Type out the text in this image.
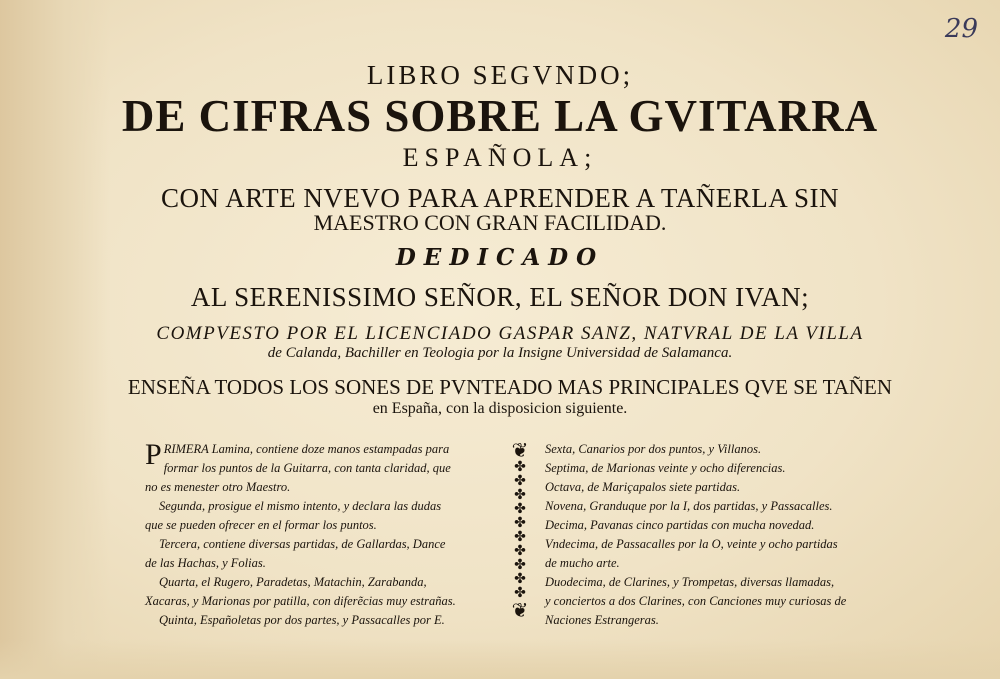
29
LIBRO SEGVNDO;
DE CIFRAS SOBRE LA GVITARRA
ESPAÑOLA;
CON ARTE NVEVO PARA APRENDER A TAÑERLA SIN
MAESTRO CON GRAN FACILIDAD.
DEDICADO
AL SERENISSIMO SEÑOR, EL SEÑOR DON IVAN;
COMPVESTO POR EL LICENCIADO GASPAR SANZ, NATVRAL DE LA VILLA
de Calanda, Bachiller en Teologia por la Insigne Universidad de Salamanca.
ENSEÑA TODOS LOS SONES DE PVNTEADO MAS PRINCIPALES QVE SE TAÑEN
en España, con la disposicion siguiente.
P RIMERA Lamina, contiene doze manos estampadas para

formar los puntos de la Guitarra, con tanta claridad, que

no es menester otro Maestro.

Segunda, prosigue el mismo intento, y declara las dudas

que se pueden ofrecer en el formar los puntos.

Tercera, contiene diversas partidas, de Gallardas, Dance

de las Hachas, y Folias.

Quarta, el Rugero, Paradetas, Matachin, Zarabanda,

Xacaras, y Marionas por patilla, con diferẽcias muy estrañas.

Quinta, Españoletas por dos partes, y Passacalles por E.

❦
✤
✤
✤
✤
✤
✤
✤
✤
✤
✤
❦

Sexta, Canarios por dos puntos, y Villanos.

Septima, de Marionas veinte y ocho diferencias.

Octava, de Mariçapalos siete partidas.

Novena, Granduque por la I, dos partidas, y Passacalles.

Decima, Pavanas cinco partidas con mucha novedad.

Vndecima, de Passacalles por la O, veinte y ocho partidas

de mucho arte.

Duodecima, de Clarines, y Trompetas, diversas llamadas,

y conciertos a dos Clarines, con Canciones muy curiosas de

Naciones Estrangeras.
